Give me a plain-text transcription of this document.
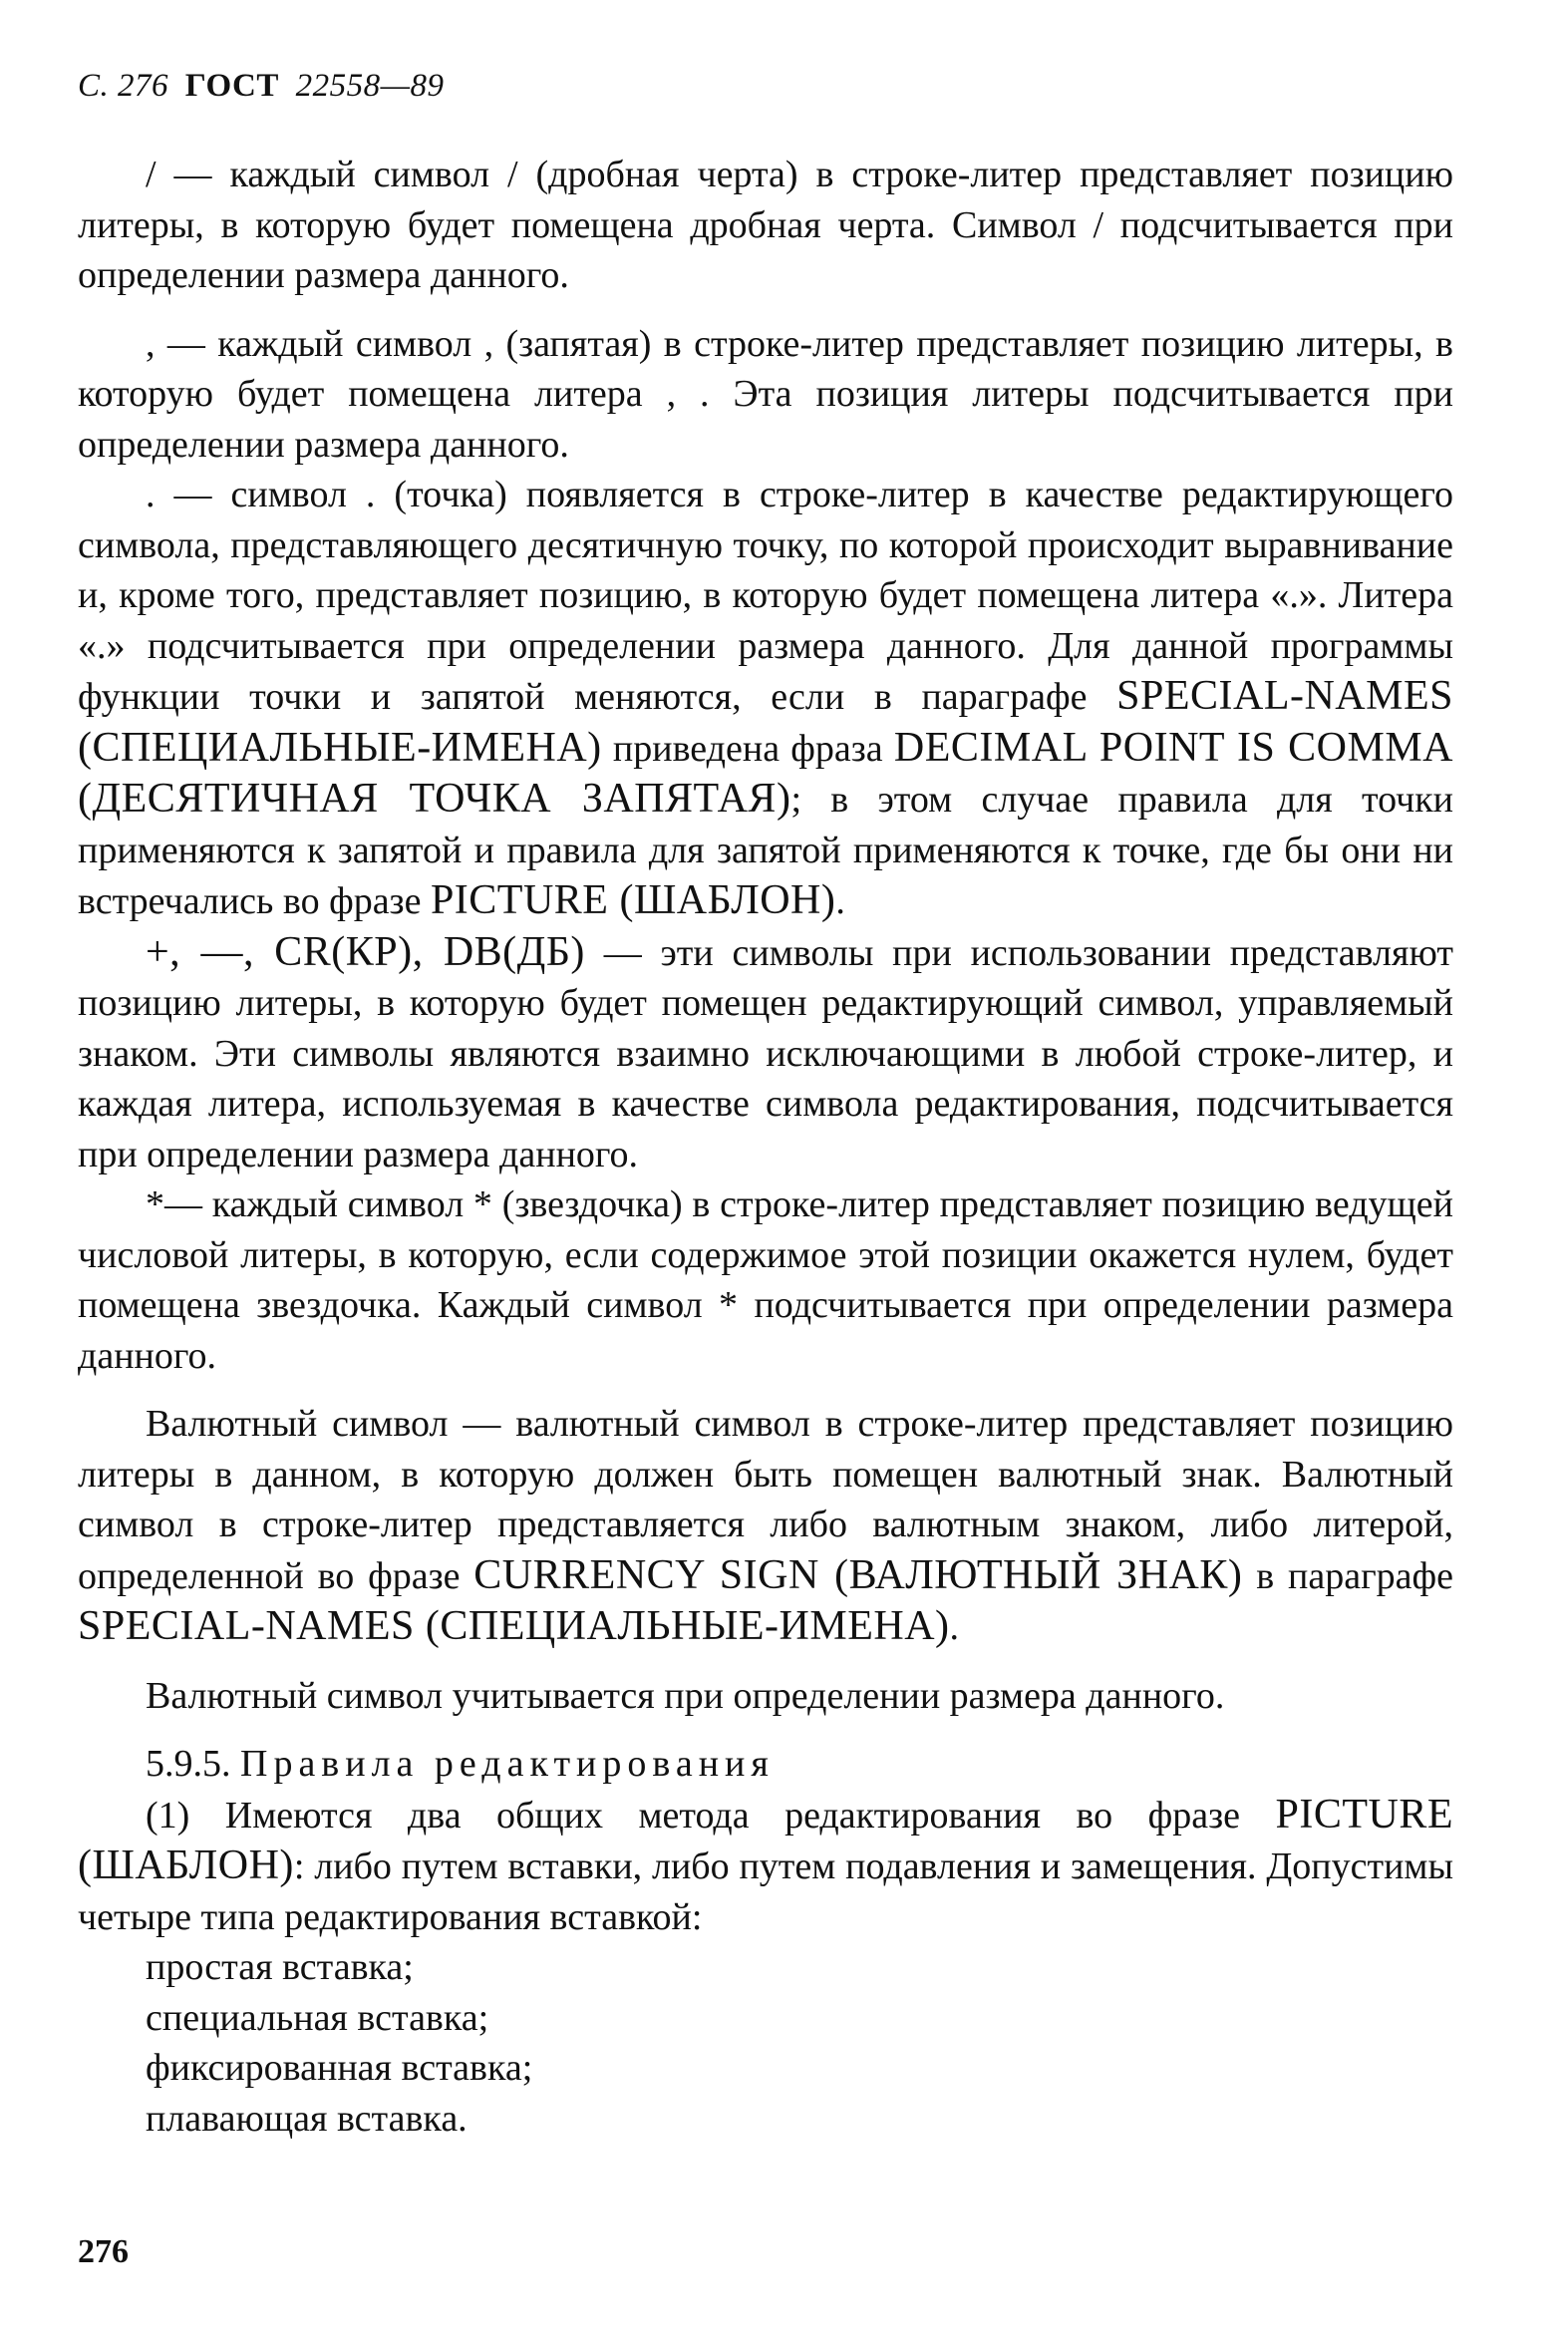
С. 276 ГОСТ 22558—89

/ — каждый символ / (дробная черта) в строке-литер представляет позицию литеры, в которую будет помещена дробная черта. Символ / подсчитывается при определении размера данного.

, — каждый символ , (запятая) в строке-литер представляет позицию литеры, в которую будет помещена литера , . Эта позиция литеры подсчитывается при определении размера данного.

. — символ . (точка) появляется в строке-литер в качестве редактирующего символа, представляющего десятичную точку, по которой происходит выравнивание и, кроме того, представляет позицию, в которую будет помещена литера «.». Литера «.» подсчитывается при определении размера данного. Для данной программы функции точки и запятой меняются, если в параграфе SPECIAL-NAMES (СПЕЦИАЛЬНЫЕ-ИМЕНА) приведена фраза DECIMAL POINT IS COMMA (ДЕСЯТИЧНАЯ ТОЧКА ЗАПЯТАЯ); в этом случае правила для точки применяются к запятой и правила для запятой применяются к точке, где бы они ни встречались во фразе PICTURE (ШАБЛОН).

+, —, CR(КР), DB(ДБ) — эти символы при использовании представляют позицию литеры, в которую будет помещен редактирующий символ, управляемый знаком. Эти символы являются взаимно исключающими в любой строке-литер, и каждая литера, используемая в качестве символа редактирования, подсчитывается при определении размера данного.

*— каждый символ * (звездочка) в строке-литер представляет позицию ведущей числовой литеры, в которую, если содержимое этой позиции окажется нулем, будет помещена звездочка. Каждый символ * подсчитывается при определении размера данного.

Валютный символ — валютный символ в строке-литер представляет позицию литеры в данном, в которую должен быть помещен валютный знак. Валютный символ в строке-литер представляется либо валютным знаком, либо литерой, определенной во фразе CURRENCY SIGN (ВАЛЮТНЫЙ ЗНАК) в параграфе SPECIAL-NAMES (СПЕЦИАЛЬНЫЕ-ИМЕНА).

Валютный символ учитывается при определении размера данного.

5.9.5. Правила редактирования

(1) Имеются два общих метода редактирования во фразе PICTURE (ШАБЛОН): либо путем вставки, либо путем подавления и замещения. Допустимы четыре типа редактирования вставкой:

простая вставка;
специальная вставка;
фиксированная вставка;
плавающая вставка.
276
